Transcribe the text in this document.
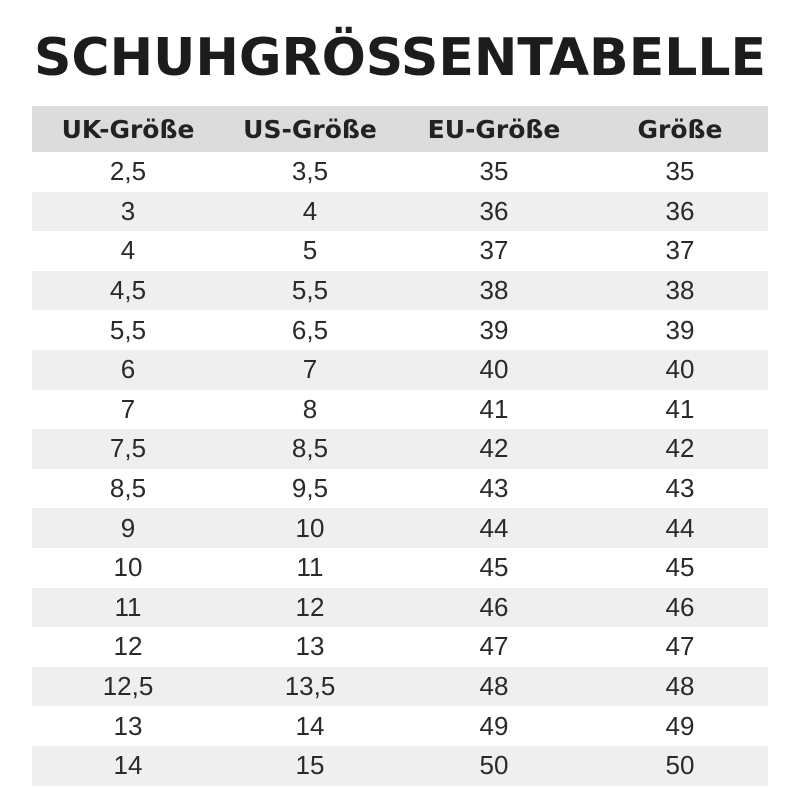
SCHUHGRÖSSENTABELLE
UK-Größe	US-Größe	EU-Größe	Größe
2,5	3,5	35	35
3	4	36	36
4	5	37	37
4,5	5,5	38	38
5,5	6,5	39	39
6	7	40	40
7	8	41	41
7,5	8,5	42	42
8,5	9,5	43	43
9	10	44	44
10	11	45	45
11	12	46	46
12	13	47	47
12,5	13,5	48	48
13	14	49	49
14	15	50	50
